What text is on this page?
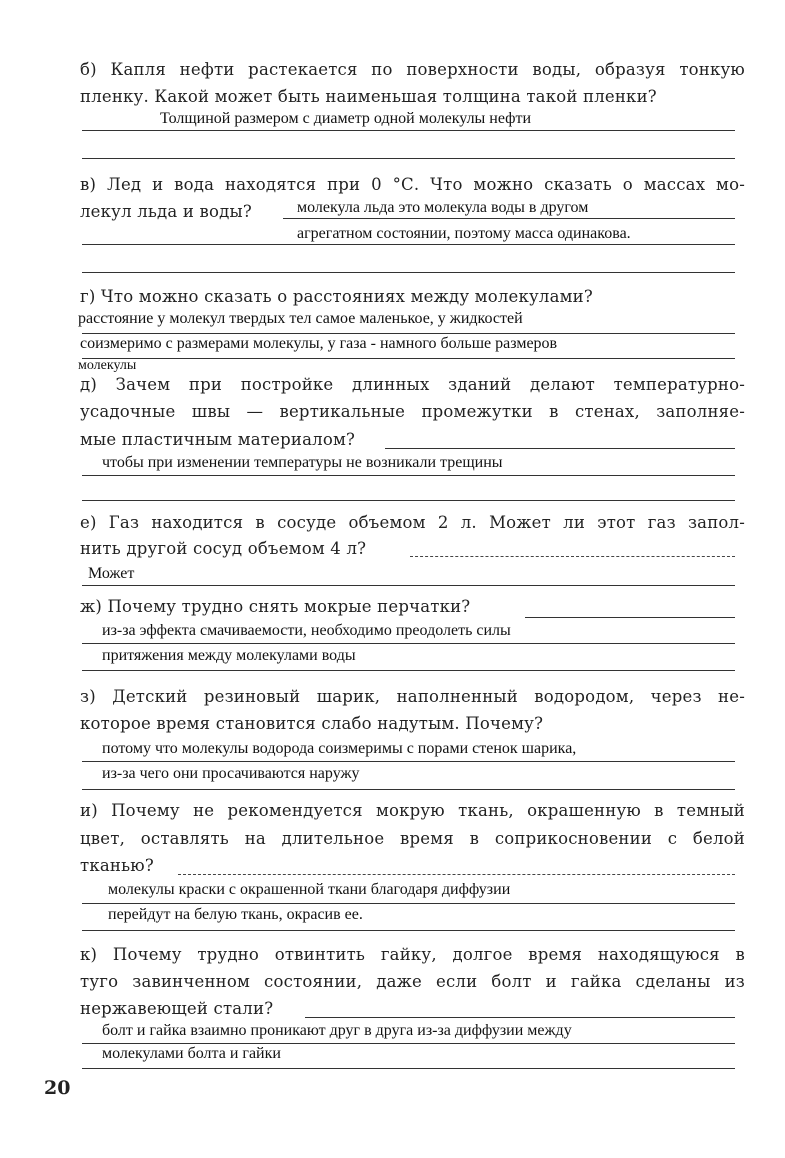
б) Капля нефти растекается по поверхности воды, образуя тонкую
пленку. Какой может быть наименьшая толщина такой пленки?
Толщиной размером с диаметр одной молекулы нефти
в) Лед и вода находятся при 0 °С. Что можно сказать о массах мо-
лекул льда и воды?	молекула льда это молекула воды в другом
агрегатном состоянии, поэтому масса одинакова.
г) Что можно сказать о расстояниях между молекулами?
расстояние у молекул твердых тел самое маленькое, у жидкостей
соизмеримо с размерами молекулы, у газа - намного больше размеров
молекулы
д) Зачем при постройке длинных зданий делают температурно-
усадочные швы — вертикальные промежутки в стенах, заполняе-
мые пластичным материалом?
чтобы при изменении температуры не возникали трещины
е) Газ находится в сосуде объемом 2 л. Может ли этот газ запол-
нить другой сосуд объемом 4 л?
Может
ж) Почему трудно снять мокрые перчатки?
из-за эффекта смачиваемости, необходимо преодолеть силы
притяжения между молекулами воды
з) Детский резиновый шарик, наполненный водородом, через не-
которое время становится слабо надутым. Почему?
потому что молекулы водорода соизмеримы с порами стенок шарика,
из-за чего они просачиваются наружу
и) Почему не рекомендуется мокрую ткань, окрашенную в темный
цвет, оставлять на длительное время в соприкосновении с белой
тканью?
молекулы краски с окрашенной ткани благодаря диффузии
перейдут на белую ткань, окрасив ее.
к) Почему трудно отвинтить гайку, долгое время находящуюся в
туго завинченном состоянии, даже если болт и гайка сделаны из
нержавеющей стали?
болт и гайка взаимно проникают друг в друга из-за диффузии между
молекулами болта и гайки
20
